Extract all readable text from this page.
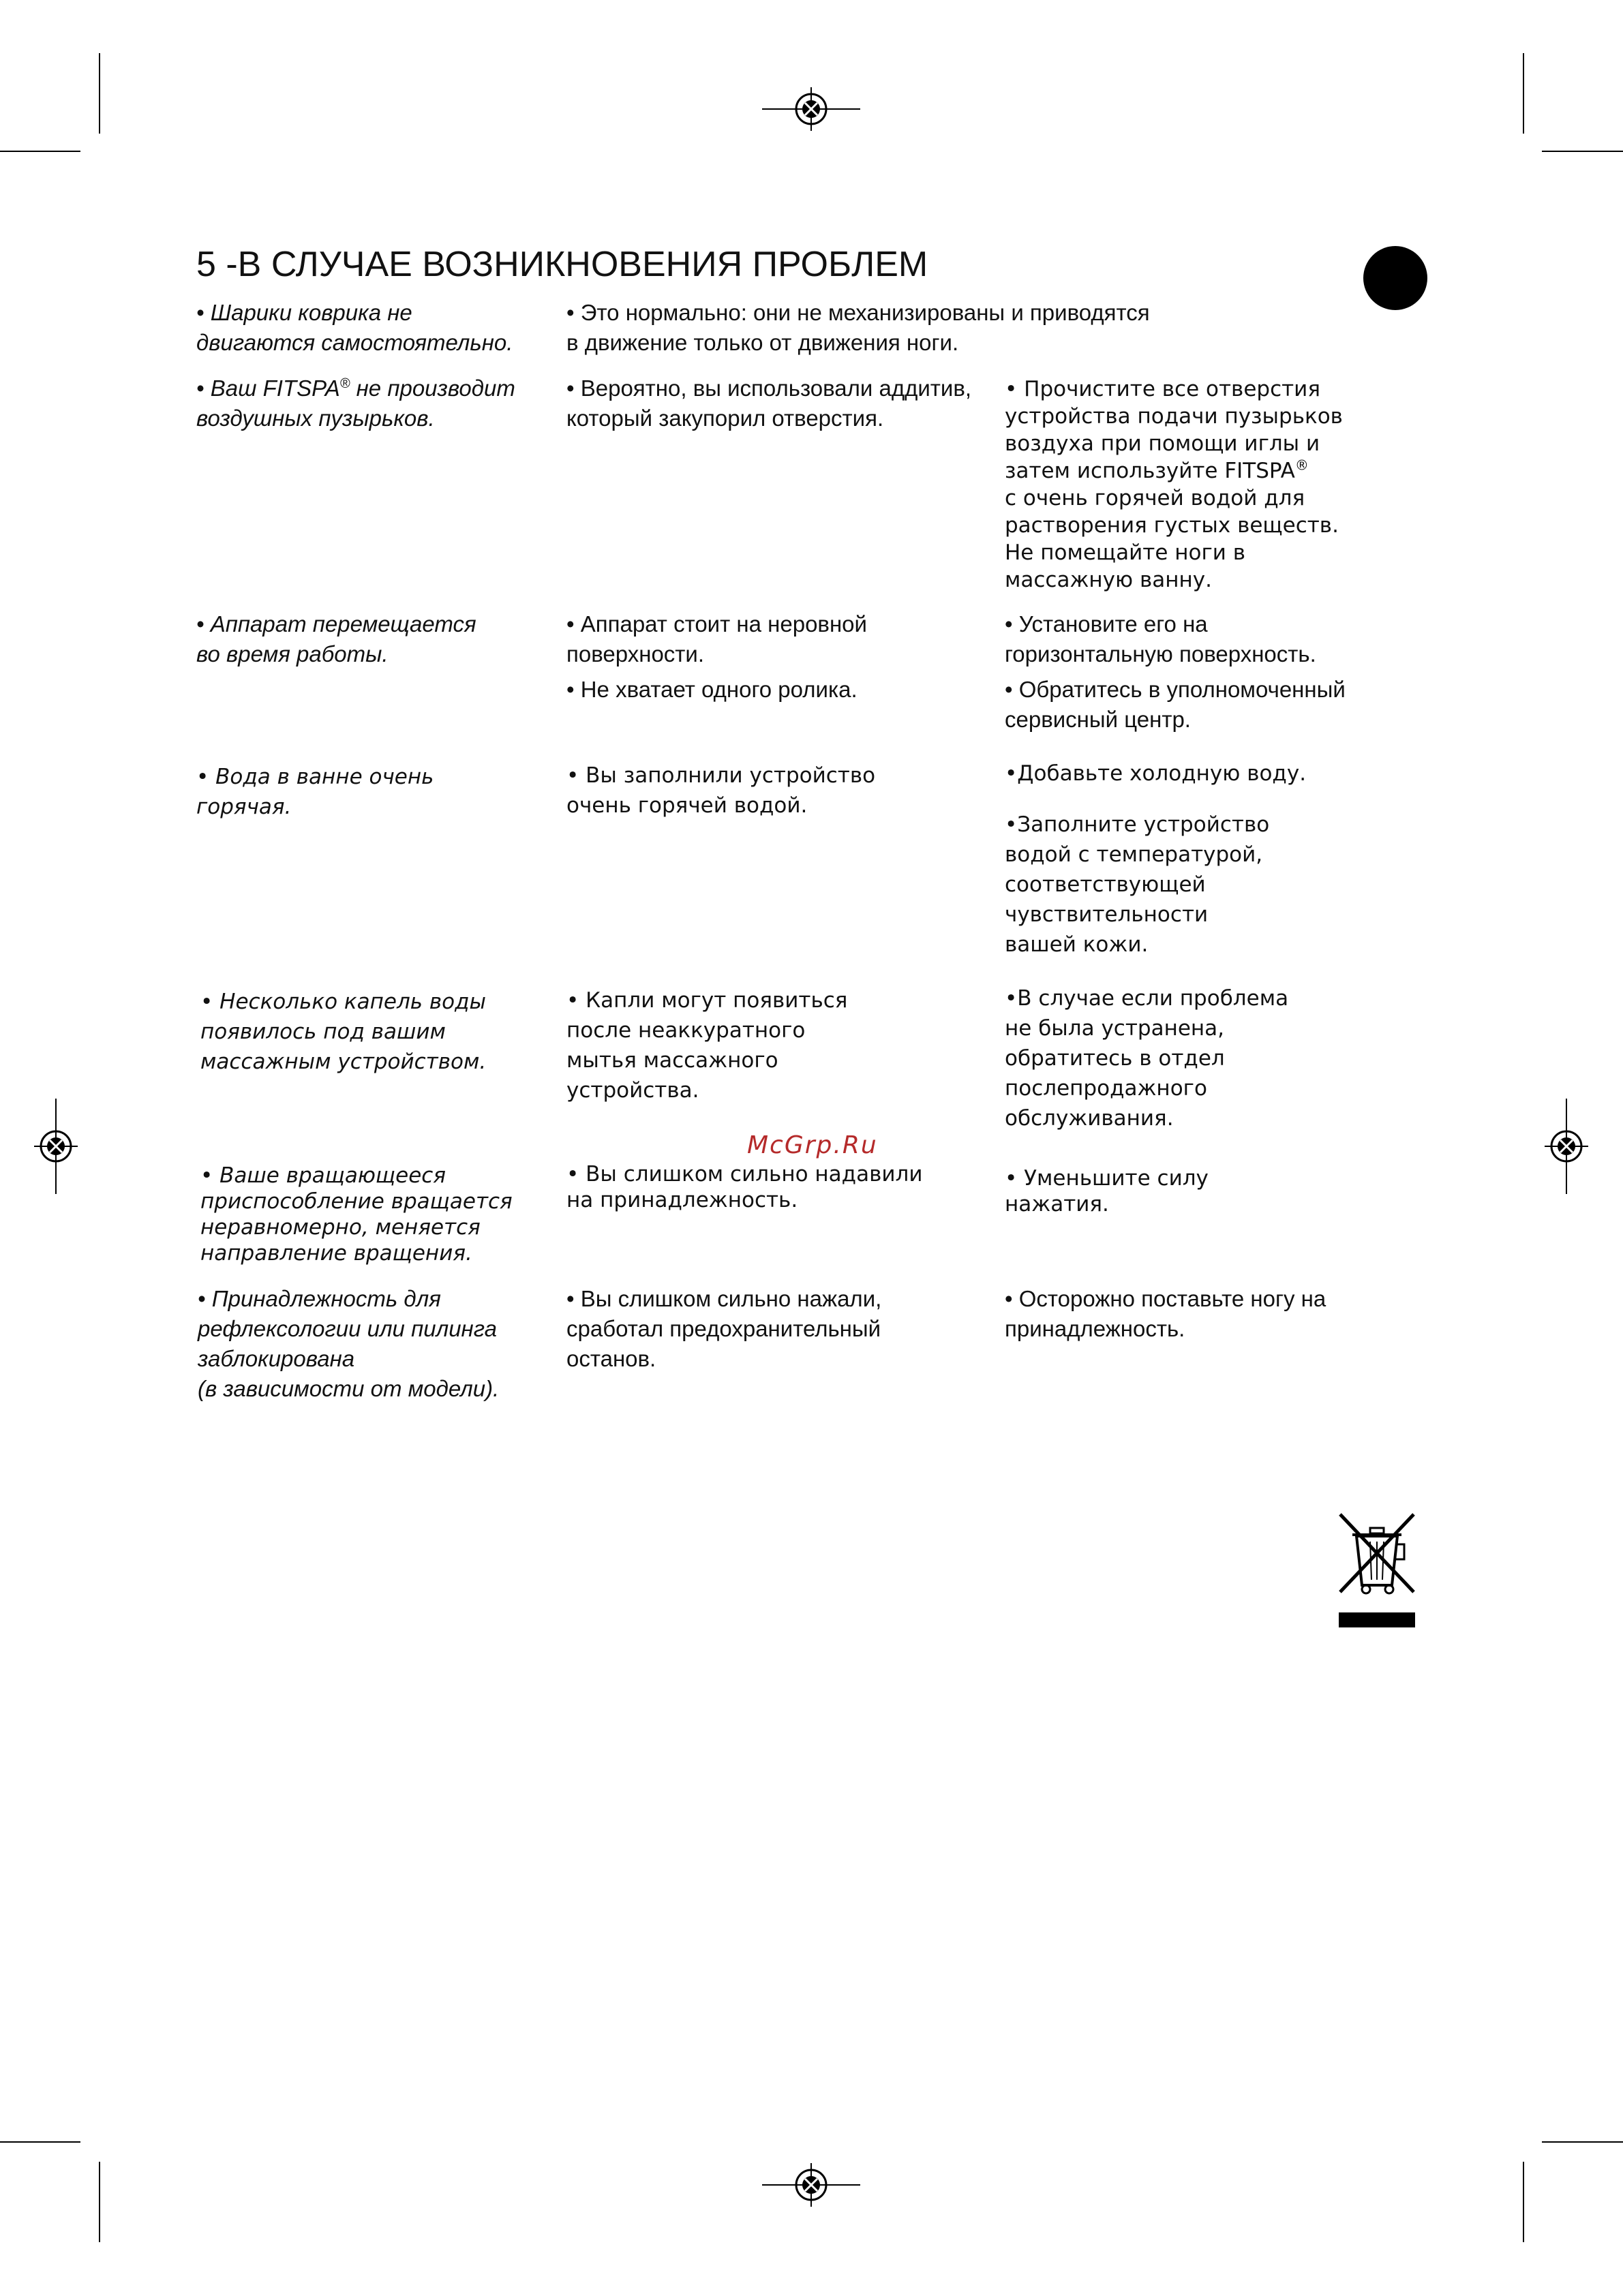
5 -В СЛУЧАЕ ВОЗНИКНОВЕНИЯ ПРОБЛЕМ

• Шарики коврика не
двигаются самостоятельно.

• Это нормально: они не механизированы и приводятся
в движение только от движения ноги.

• Ваш FITSPA® не производит
воздушных пузырьков.

• Вероятно, вы использовали аддитив,
который закупорил отверстия.

• Прочистите все отверстия
устройства подачи пузырьков
воздуха при помощи иглы и
затем используйте FITSPA®
с очень горячей водой для
растворения густых веществ.
Не помещайте ноги в
массажную ванну.

• Аппарат перемещается
во время работы.

• Аппарат стоит на неровной
поверхности.

• Не хватает одного ролика.

• Установите его на
горизонтальную поверхность.

• Обратитесь в уполномоченный
сервисный центр.

• Вода в ванне очень
горячая.

• Вы заполнили устройство
очень горячей водой.

•Добавьте холодную воду.

•Заполните устройство
водой с температурой,
соответствующей
чувствительности
вашей кожи.

• Несколько капель воды
появилось под вашим
массажным устройством.

• Капли могут появиться
после неаккуратного
мытья массажного
устройства.

•В случае если проблема
не была устранена,
обратитесь в отдел
послепродажного
обслуживания.

McGrp.Ru

• Ваше вращающееся
приспособление вращается
неравномерно, меняется
направление вращения.

• Вы слишком сильно надавили
на принадлежность.

• Уменьшите силу
нажатия.

• Принадлежность для
рефлексологии или пилинга
заблокирована
(в зависимости от модели).

• Вы слишком сильно нажали,
сработал предохранительный
останов.

• Осторожно поставьте ногу на
принадлежность.
